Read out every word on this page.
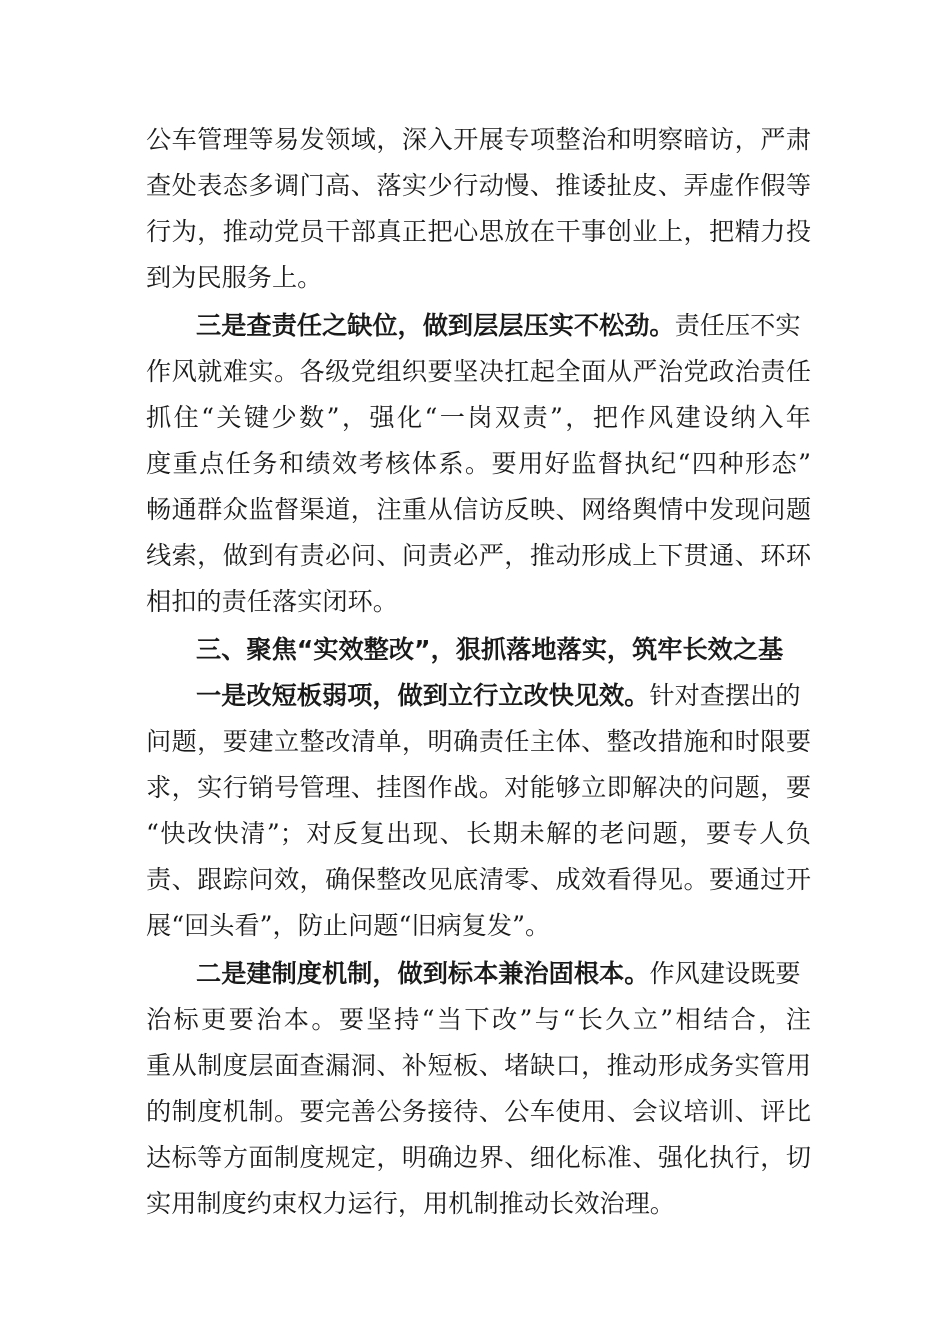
公车管理等易发领域，深入开展专项整治和明察暗访，严肃
查处表态多调门高、落实少行动慢、推诿扯皮、弄虚作假等
行为，推动党员干部真正把心思放在干事创业上，把精力投
到为民服务上。
三是查责任之缺位，做到层层压实不松劲。责任压不实
作风就难实。各级党组织要坚决扛起全面从严治党政治责任
抓住“关键少数”，强化“一岗双责”，把作风建设纳入年
度重点任务和绩效考核体系。要用好监督执纪“四种形态”
畅通群众监督渠道，注重从信访反映、网络舆情中发现问题
线索，做到有责必问、问责必严，推动形成上下贯通、环环
相扣的责任落实闭环。
三、聚焦“实效整改”，狠抓落地落实，筑牢长效之基
一是改短板弱项，做到立行立改快见效。针对查摆出的
问题，要建立整改清单，明确责任主体、整改措施和时限要
求，实行销号管理、挂图作战。对能够立即解决的问题，要
“快改快清”；对反复出现、长期未解的老问题，要专人负
责、跟踪问效，确保整改见底清零、成效看得见。要通过开
展“回头看”，防止问题“旧病复发”。
二是建制度机制，做到标本兼治固根本。作风建设既要
治标更要治本。要坚持“当下改”与“长久立”相结合，注
重从制度层面查漏洞、补短板、堵缺口，推动形成务实管用
的制度机制。要完善公务接待、公车使用、会议培训、评比
达标等方面制度规定，明确边界、细化标准、强化执行，切
实用制度约束权力运行，用机制推动长效治理。
